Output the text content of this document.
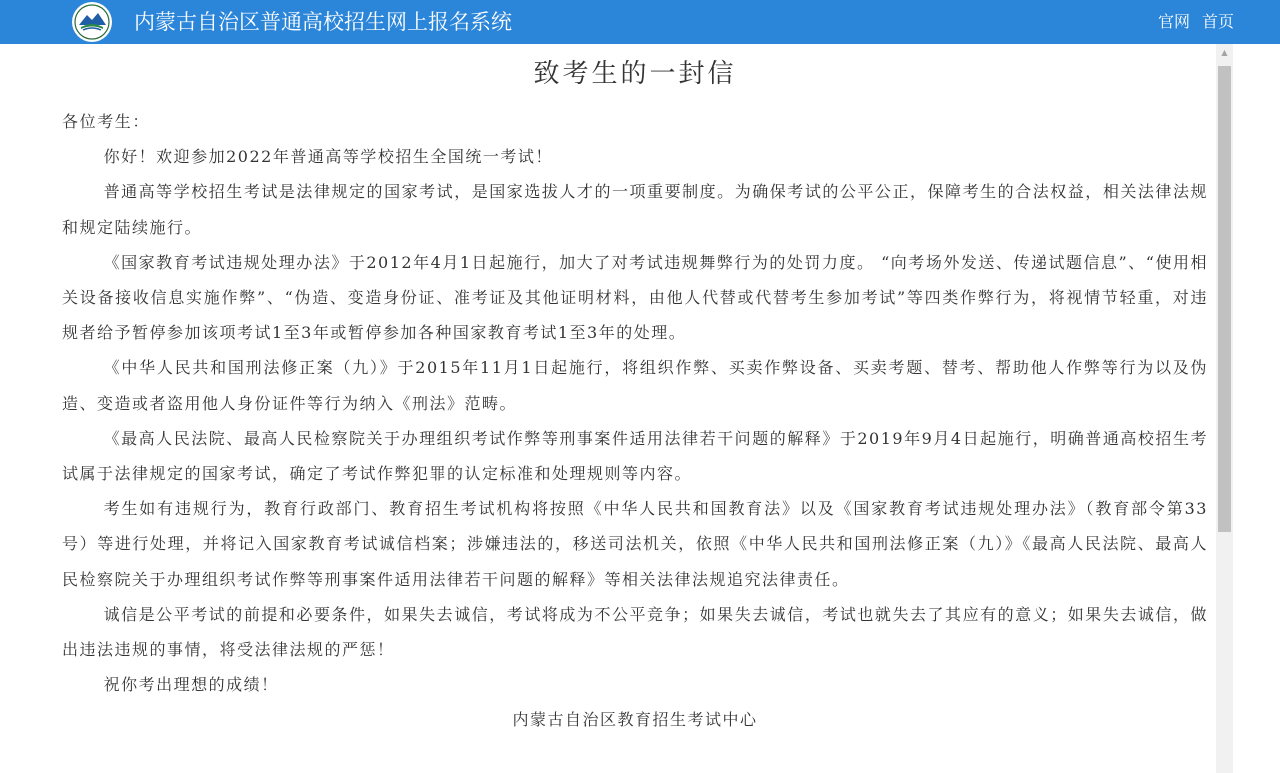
内蒙古自治区普通高校招生网上报名系统	官网 首页
致考生的一封信
各位考生：

你好！欢迎参加2022年普通高等学校招生全国统一考试！

普通高等学校招生考试是法律规定的国家考试，是国家选拔人才的一项重要制度。为确保考试的公平公正，保障考生的合法权益，相关法律法规和规定陆续施行。

《国家教育考试违规处理办法》于2012年4月1日起施行，加大了对考试违规舞弊行为的处罚力度。 “向考场外发送、传递试题信息”、“使用相关设备接收信息实施作弊”、“伪造、变造身份证、准考证及其他证明材料，由他人代替或代替考生参加考试”等四类作弊行为，将视情节轻重，对违规者给予暂停参加该项考试1至3年或暂停参加各种国家教育考试1至3年的处理。

《中华人民共和国刑法修正案（九）》于2015年11月1日起施行，将组织作弊、买卖作弊设备、买卖考题、替考、帮助他人作弊等行为以及伪造、变造或者盗用他人身份证件等行为纳入《刑法》范畴。

《最高人民法院、最高人民检察院关于办理组织考试作弊等刑事案件适用法律若干问题的解释》于2019年9月4日起施行，明确普通高校招生考试属于法律规定的国家考试，确定了考试作弊犯罪的认定标准和处理规则等内容。

考生如有违规行为，教育行政部门、教育招生考试机构将按照《中华人民共和国教育法》以及《国家教育考试违规处理办法》（教育部令第33号）等进行处理，并将记入国家教育考试诚信档案；涉嫌违法的，移送司法机关，依照《中华人民共和国刑法修正案（九）》《最高人民法院、最高人民检察院关于办理组织考试作弊等刑事案件适用法律若干问题的解释》等相关法律法规追究法律责任。

诚信是公平考试的前提和必要条件，如果失去诚信，考试将成为不公平竞争；如果失去诚信，考试也就失去了其应有的意义；如果失去诚信，做出违法违规的事情，将受法律法规的严惩！

祝你考出理想的成绩！

内蒙古自治区教育招生考试中心
▲
